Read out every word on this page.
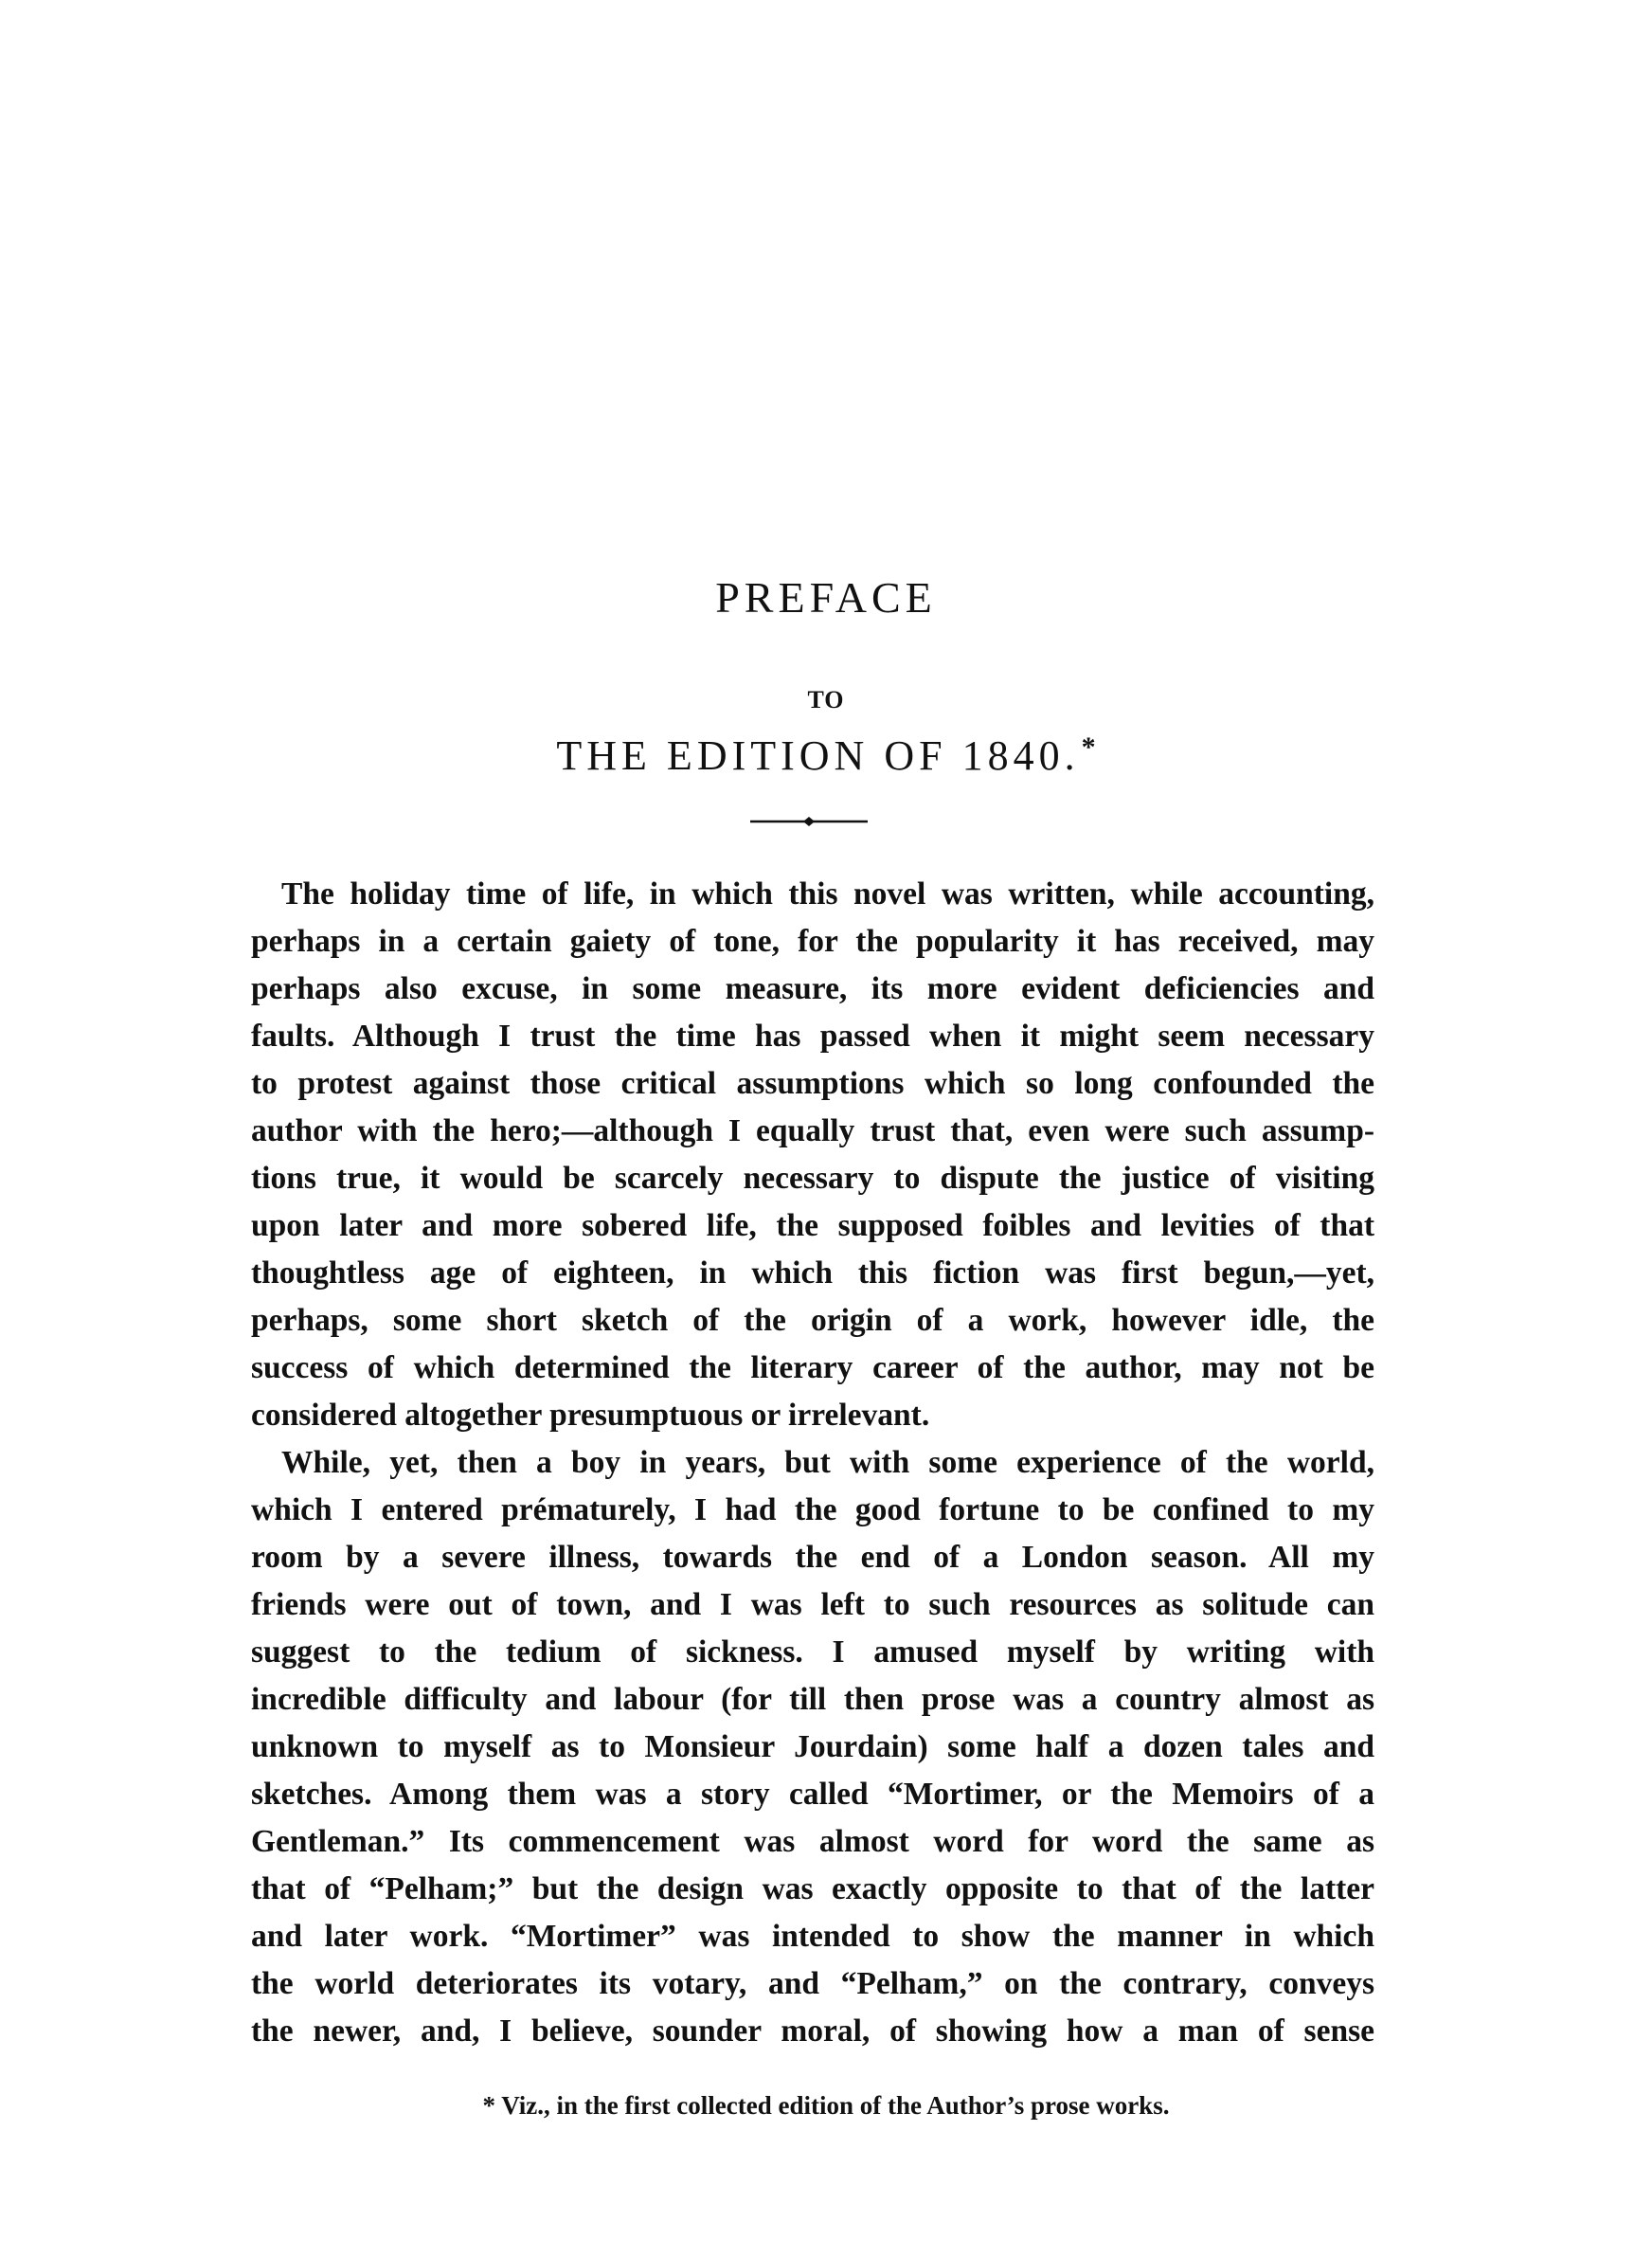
PREFACE
TO
THE EDITION OF 1840.*
The holiday time of life, in which this novel was written, while accounting,
perhaps in a certain gaiety of tone, for the popularity it has received, may
perhaps also excuse, in some measure, its more evident deficiencies and
faults. Although I trust the time has passed when it might seem necessary
to protest against those critical assumptions which so long confounded the
author with the hero;—although I equally trust that, even were such assump-
tions true, it would be scarcely necessary to dispute the justice of visiting
upon later and more sobered life, the supposed foibles and levities of that
thoughtless age of eighteen, in which this fiction was first begun,—yet,
perhaps, some short sketch of the origin of a work, however idle, the
success of which determined the literary career of the author, may not be
considered altogether presumptuous or irrelevant.
While, yet, then a boy in years, but with some experience of the world,
which I entered prématurely, I had the good fortune to be confined to my
room by a severe illness, towards the end of a London season. All my
friends were out of town, and I was left to such resources as solitude can
suggest to the tedium of sickness. I amused myself by writing with
incredible difficulty and labour (for till then prose was a country almost as
unknown to myself as to Monsieur Jourdain) some half a dozen tales and
sketches. Among them was a story called “Mortimer, or the Memoirs of a
Gentleman.” Its commencement was almost word for word the same as
that of “Pelham;” but the design was exactly opposite to that of the latter
and later work. “Mortimer” was intended to show the manner in which
the world deteriorates its votary, and “Pelham,” on the contrary, conveys
the newer, and, I believe, sounder moral, of showing how a man of sense
* Viz., in the first collected edition of the Author’s prose works.
